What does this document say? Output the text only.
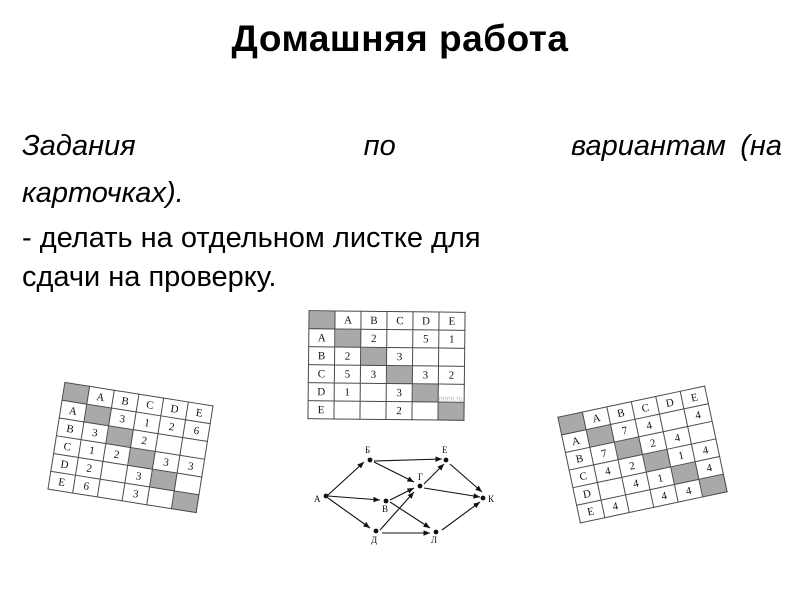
Домашняя работа

Задания	по	(на
вариантам

карточках).

- делать на отдельном листке для

сдачи на проверку.

	A	B	C	D	E
A		2		5	1
B	2		3		
C	5	3		3	2
D	1		3		
E			2		
nnnn.ru
	A	B	C	D	E
A		3	1	2	6
B	3		2		
C	1	2		3	3
D	2		3		
E	6		3		
	A	B	C	D	E
A		7	4		4
B	7		2	4	
C	4	2		1	4
D		4	1		4
E	4		4	4	
А
Б
В
Г
Д
Е
Л
К
